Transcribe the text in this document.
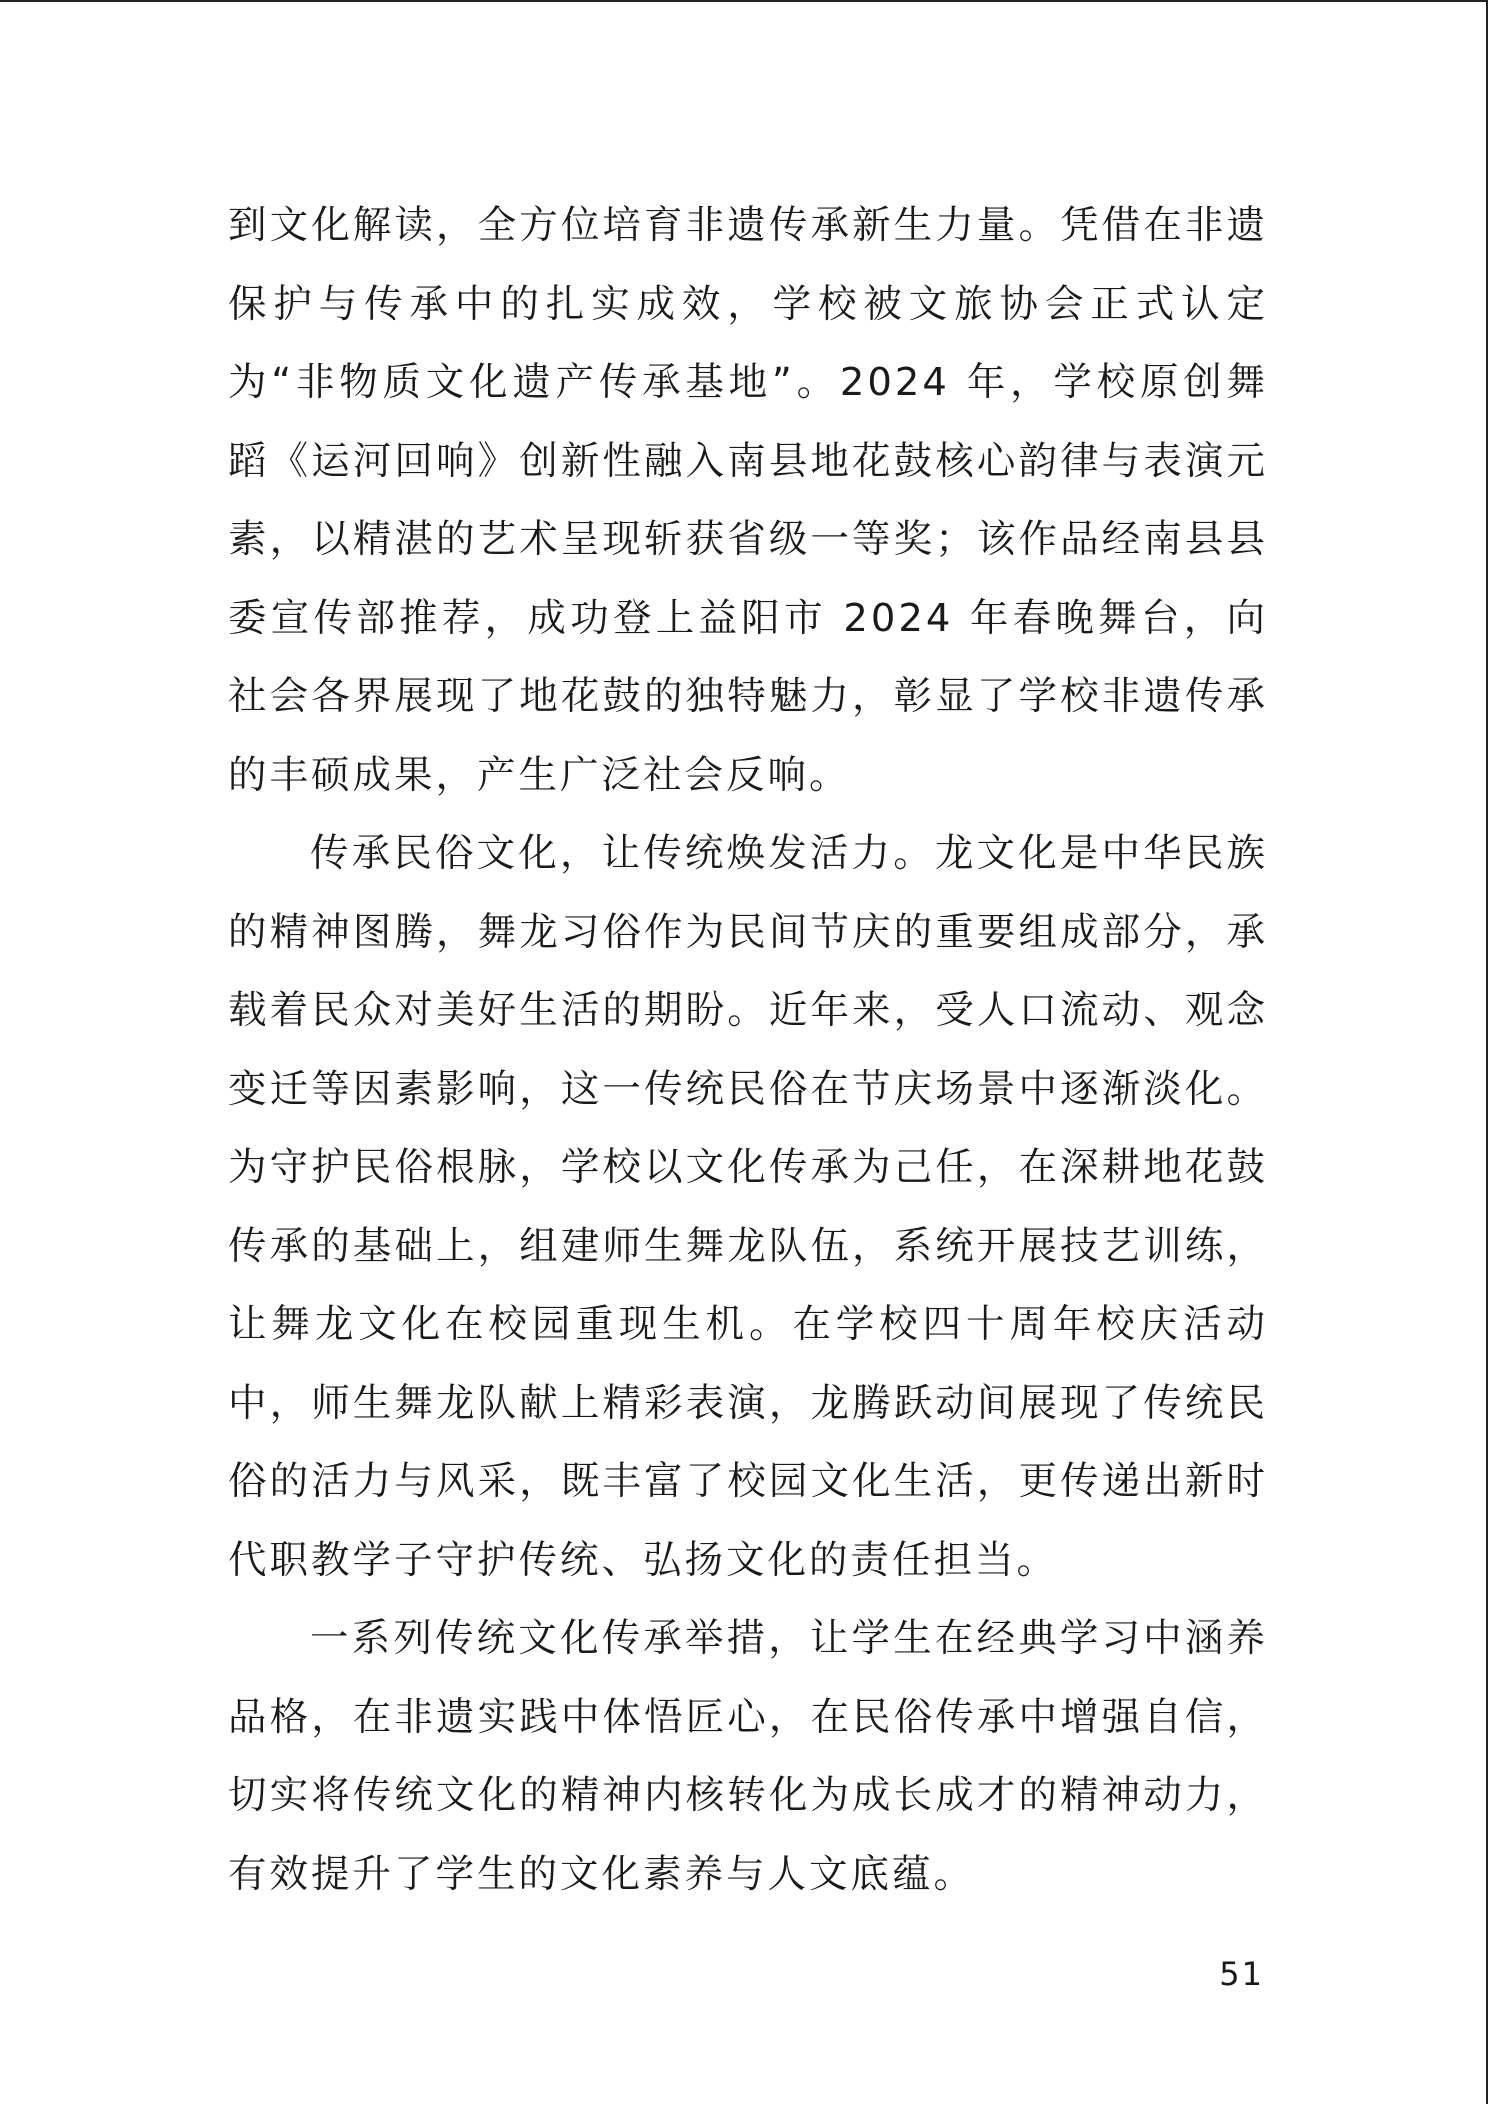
到文化解读，全方位培育非遗传承新生力量。凭借在非遗保护与传承中的扎实成效，学校被文旅协会正式认定为“非物质文化遗产传承基地”。2024 年，学校原创舞蹈《运河回响》创新性融入南县地花鼓核心韵律与表演元素，以精湛的艺术呈现斩获省级一等奖；该作品经南县县委宣传部推荐，成功登上益阳市 2024 年春晚舞台，向社会各界展现了地花鼓的独特魅力，彰显了学校非遗传承的丰硕成果，产生广泛社会反响。

传承民俗文化，让传统焕发活力。龙文化是中华民族的精神图腾，舞龙习俗作为民间节庆的重要组成部分，承载着民众对美好生活的期盼。近年来，受人口流动、观念变迁等因素影响，这一传统民俗在节庆场景中逐渐淡化。为守护民俗根脉，学校以文化传承为己任，在深耕地花鼓传承的基础上，组建师生舞龙队伍，系统开展技艺训练，让舞龙文化在校园重现生机。在学校四十周年校庆活动中，师生舞龙队献上精彩表演，龙腾跃动间展现了传统民俗的活力与风采，既丰富了校园文化生活，更传递出新时代职教学子守护传统、弘扬文化的责任担当。

一系列传统文化传承举措，让学生在经典学习中涵养品格，在非遗实践中体悟匠心，在民俗传承中增强自信，切实将传统文化的精神内核转化为成长成才的精神动力，有效提升了学生的文化素养与人文底蕴。

51
